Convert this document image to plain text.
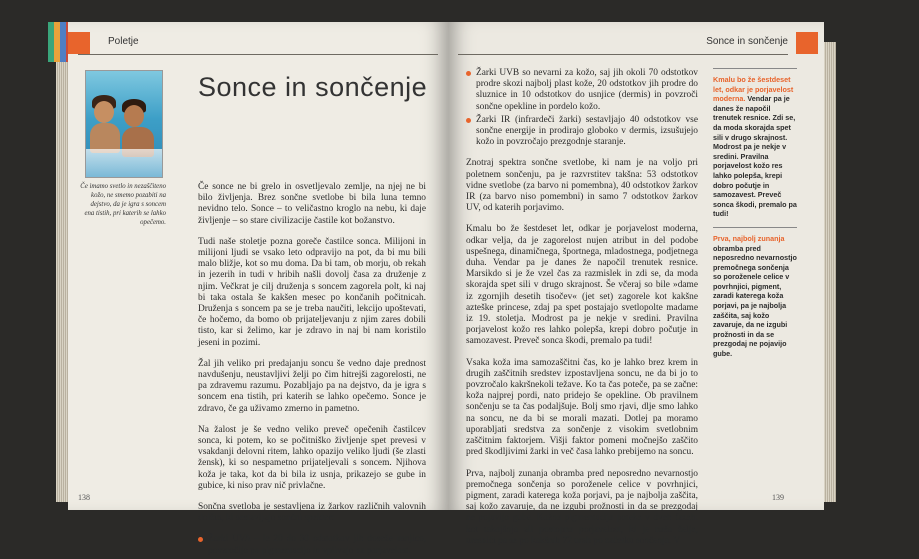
Poletje
Če imamo svetlo in nezaščiteno kožo, ne smemo pozabiti na dejstvo, da je igra s soncem ena tistih, pri katerih se lahko opečemo.
Sonce in sončenje

Če sonce ne bi grelo in osvetljevalo zemlje, na njej ne bi bilo življenja. Brez sončne svetlobe bi bila luna temno nevidno telo. Sonce – to veličastno kroglo na nebu, ki daje življenje – so stare civilizacije častile kot božanstvo.

Tudi naše stoletje pozna goreče častilce sonca. Milijoni in milijoni ljudi se vsako leto odpravijo na pot, da bi mu bili malo bližje, kot so mu doma. Da bi tam, ob morju, ob rekah in jezerih in tudi v hribih našli dovolj časa za druženje z njim. Večkrat je cilj druženja s soncem zagorela polt, ki naj bi taka ostala še kakšen mesec po končanih počitnicah. Druženja s soncem pa se je treba naučiti, lekcijo upoštevati, če hočemo, da bomo ob prijateljevanju z njim zares dobili tisto, kar si želimo, kar je zdravo in naj bi nam koristilo jeseni in pozimi.

Žal jih veliko pri predajanju soncu še vedno daje prednost navdušenju, neustavljivi želji po čim hitrejši zagorelosti, ne pa zdravemu razumu. Pozabljajo pa na dejstvo, da je igra s soncem ena tistih, pri katerih se lahko opečemo. Sonce je zdravo, če ga uživamo zmerno in pametno.

Na žalost je še vedno veliko preveč opečenih častilcev sonca, ki potem, ko se počitniško življenje spet prevesi v vsakdanji delovni ritem, lahko opazijo veliko ljudi (še zlasti žensk), ki so nespametno prijateljevali s soncem. Njihova koža je taka, kot da bi bila iz usnja, prikazejo se gube in gubice, ki niso prav nič privlačne.

Sončna svetloba je sestavljena iz žarkov različnih valovnih dolžin, ki sestavljajo sončni spekter:

Žarki UVA – le 20 do 30 odstotkov jih doseže usnjico, povzročijo pa pigmentacijo in vplivajo na porjavelost.
138
Sonce in sončenje
Žarki UVB so nevarni za kožo, saj jih okoli 70 odstotkov prodre skozi najbolj plast kože, 20 odstotkov jih prodre do sluznice in 10 odstotkov do usnjice (dermis) in povzroči sončne opekline in pordelo kožo.
Žarki IR (infrardeči žarki) sestavljajo 40 odstotkov vse sončne energije in prodirajo globoko v dermis, izsušujejo kožo in povzročajo prezgodnje staranje.

Znotraj spektra sončne svetlobe, ki nam je na voljo pri poletnem sončenju, pa je razvrstitev takšna: 53 odstotkov vidne svetlobe (za barvo ni pomembna), 40 odstotkov žarkov IR (za barvo niso pomembni) in samo 7 odstotkov žarkov UV, od katerih porjavimo.

Kmalu bo že šestdeset let, odkar je porjavelost moderna, odkar velja, da je zagorelost nujen atribut in del podobe uspešnega, dinamičnega, športnega, mladostnega, podjetnega duha. Vendar pa je danes že napočil trenutek resnice. Marsikdo si je že vzel čas za razmislek in zdi se, da moda skorajda spet sili v drugo skrajnost. Še včeraj so bile »dame iz zgornjih desetih tisočev« (jet set) zagorele kot kakšne azteške princese, zdaj pa spet postajajo svetlopolte madame iz 19. stoletja. Modrost pa je nekje v sredini. Pravilna porjavelost kožo res lahko polepša, krepi dobro počutje in samozavest. Preveč sonca škodi, premalo pa tudi!

Vsaka koža ima samozaščitni čas, ko je lahko brez krem in drugih zaščitnih sredstev izpostavljena soncu, ne da bi jo to povzročalo kakršnekoli težave. Ko ta čas poteče, pa se začne: koža najprej pordi, nato pridejo še opekline. Ob pravilnem sončenju se ta čas podaljšuje. Bolj smo rjavi, dlje smo lahko na soncu, ne da bi se morali mazati. Dotlej pa moramo uporabljati sredstva za sončenje z visokim svetlobnim zaščitnim faktorjem. Višji faktor pomeni močnejšo zaščito pred škodljivimi žarki in več časa lahko prebijemo na soncu.

Prva, najbolj zunanja obramba pred neposredno nevarnostjo premočnega sončenja so poroženele celice v povrhnjici, pigment, zaradi katerega koža porjavi, pa je najbolja zaščita, saj kožo zavaruje, da ne izgubi prožnosti in da se prezgodaj ne pojavijo gube. Kožna pigmentacija poteka v dveh fazah: kot takojšnja ali postopna porjavelost, ki je naša želja, uresniči pa se po kakšnih 72 urah po začetku sončenja. V

Kmalu bo že šestdeset let, odkar je porjavelost moderna. Vendar pa je danes že napočil trenutek resnice. Zdi se, da moda skorajda spet sili v drugo skrajnost. Modrost pa je nekje v sredini. Pravilna porjavelost kožo res lahko polepša, krepi dobro počutje in samozavest. Preveč sonca škodi, premalo pa tudi!
Prva, najbolj zunanja obramba pred neposredno nevarnostjo premočnega sončenja so poroženele celice v povrhnjici, pigment, zaradi katerega koža porjavi, pa je najbolja zaščita, saj kožo zavaruje, da ne izgubi prožnosti in da se prezgodaj ne pojavijo gube.
139
